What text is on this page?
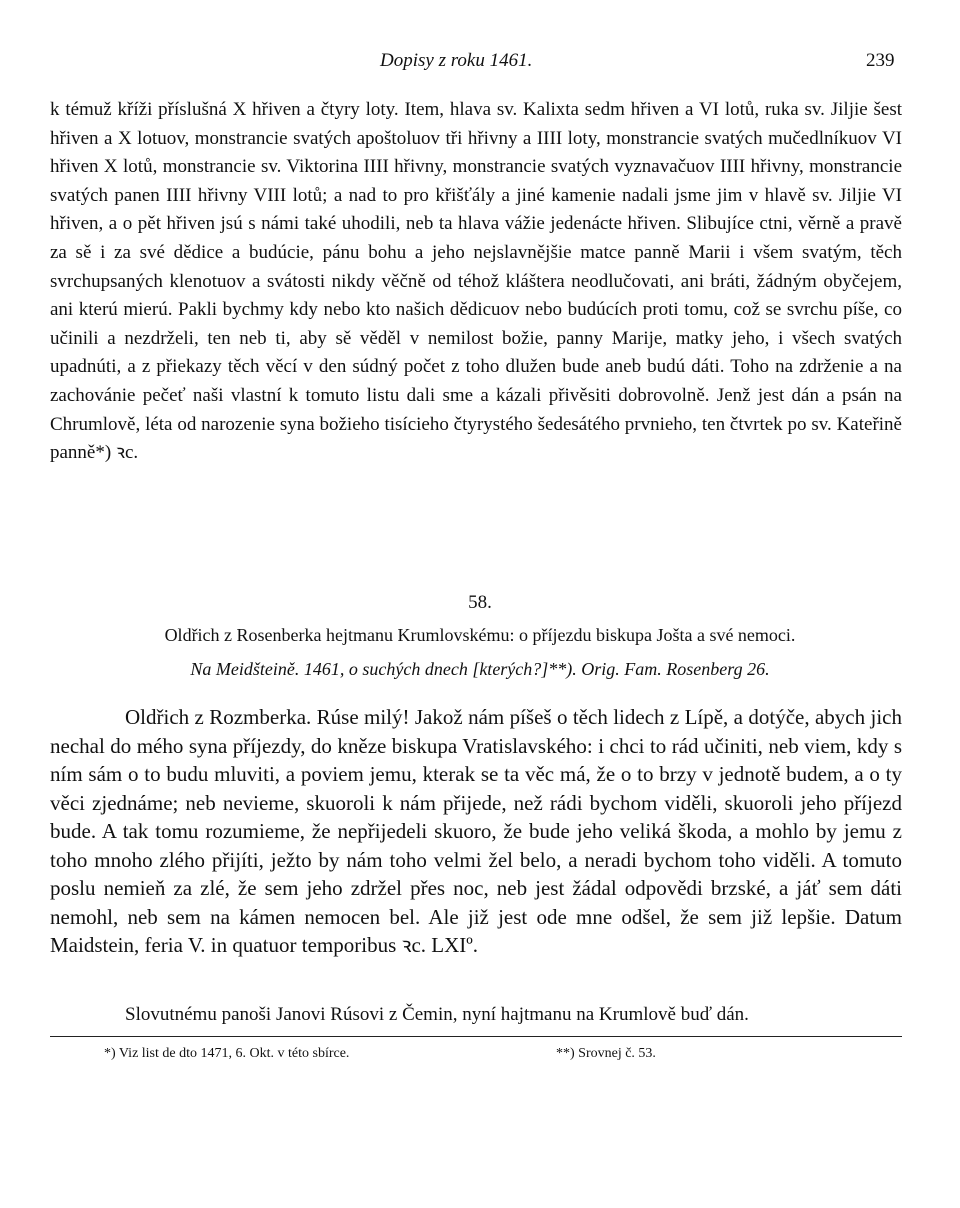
Dopisy z roku 1461.	239

k témuž kříži příslušná X hřiven a čtyry loty. Item, hlava sv. Kalixta sedm hřiven a VI lotů, ruka sv. Jiljie šest hřiven a X lotuov, monstrancie svatých apoštoluov tři hřivny a IIII loty, monstrancie svatých mučedlníkuov VI hřiven X lotů, monstrancie sv. Viktorina IIII hřivny, monstrancie svatých vyznavačuov IIII hřivny, monstrancie svatých panen IIII hřivny VIII lotů; a nad to pro křišťály a jiné kamenie nadali jsme jim v hlavě sv. Jiljie VI hřiven, a o pět hřiven jsú s námi také uhodili, neb ta hlava vážie jedenácte hřiven. Slibujíce ctni, věrně a pravě za sě i za své dědice a budúcie, pánu bohu a jeho nejslavnějšie matce panně Marii i všem svatým, těch svrchupsaných klenotuov a svátosti nikdy věčně od téhož kláštera neodlučovati, ani bráti, žádným obyčejem, ani kterú mierú. Pakli bychmy kdy nebo kto našich dědicuov nebo budúcích proti tomu, což se svrchu píše, co učinili a nezdrželi, ten neb ti, aby sě věděl v nemilost božie, panny Marije, matky jeho, i všech svatých upadnúti, a z přiekazy těch věcí v den súdný počet z toho dlužen bude aneb budú dáti. Toho na zdrženie a na zachovánie pečeť naši vlastní k tomuto listu dali sme a kázali přivěsiti dobrovolně. Jenž jest dán a psán na Chrumlově, léta od narozenie syna božieho tisícieho čtyrystého šedesátého prvnieho, ten čtvrtek po sv. Kateřině panně*) ꝛc.

58.
Oldřich z Rosenberka hejtmanu Krumlovskému: o příjezdu biskupa Jošta a své nemoci.
Na Meidšteině. 1461, o suchých dnech [kterých?]**). Orig. Fam. Rosenberg 26.

Oldřich z Rozmberka. Rúse milý! Jakož nám píšeš o těch lidech z Lípě, a dotýče, abych jich nechal do mého syna příjezdy, do kněze biskupa Vratislavského: i chci to rád učiniti, neb viem, kdy s ním sám o to budu mluviti, a poviem jemu, kterak se ta věc má, že o to brzy v jednotě budem, a o ty věci zjednáme; neb nevieme, skuoroli k nám přijede, než rádi bychom viděli, skuoroli jeho příjezd bude. A tak tomu rozumieme, že nepřijedeli skuoro, že bude jeho veliká škoda, a mohlo by jemu z toho mnoho zlého přijíti, ježto by nám toho velmi žel belo, a neradi bychom toho viděli. A tomuto poslu nemieň za zlé, že sem jeho zdržel přes noc, neb jest žádal odpovědi brzské, a jáť sem dáti nemohl, neb sem na kámen nemocen bel. Ale již jest ode mne odšel, že sem již lepšie. Datum Maidstein, feria V. in quatuor temporibus ꝛc. LXIº.

Slovutnému panoši Janovi Rúsovi z Čemin, nyní hajtmanu na Krumlově buď dán.
*) Viz list de dto 1471, 6. Okt. v této sbírce.	**) Srovnej č. 53.
